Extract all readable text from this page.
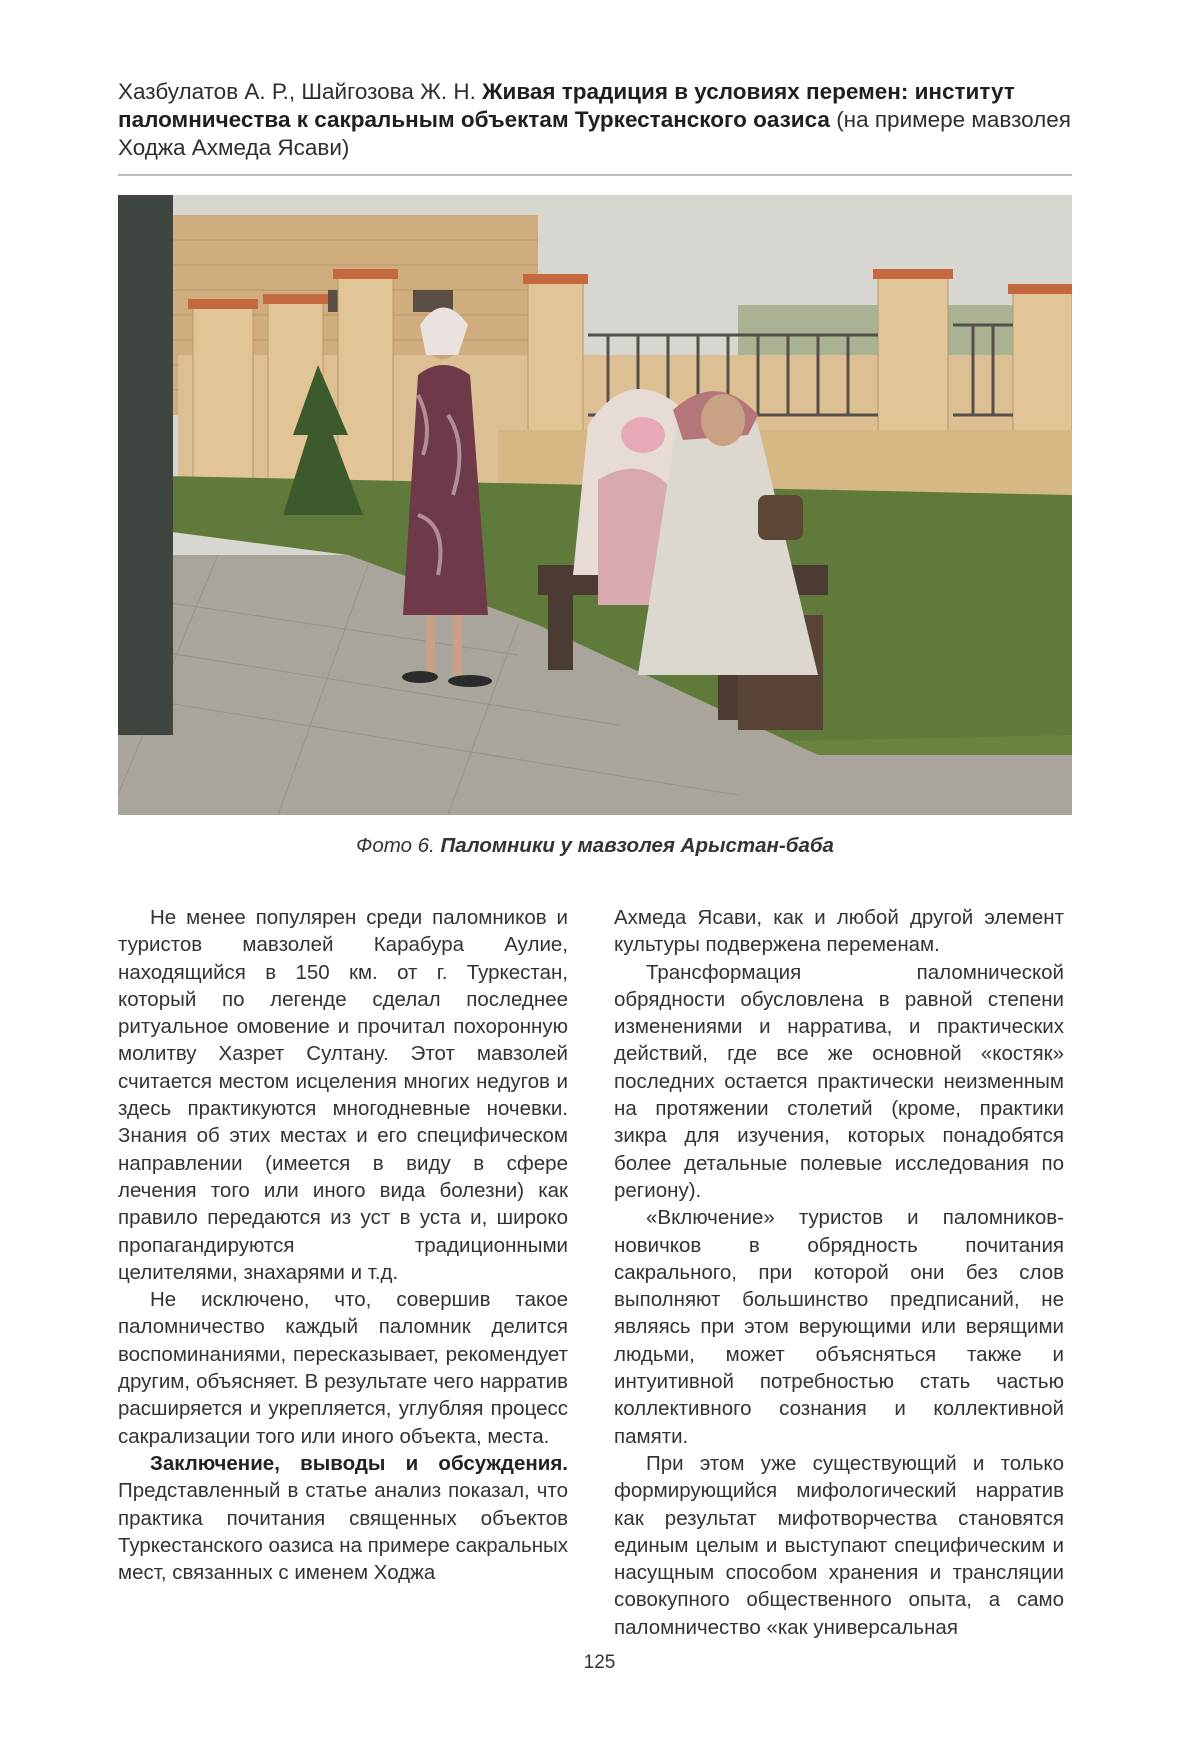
Хазбулатов А. Р., Шайгозова Ж. Н. Живая традиция в условиях перемен: институт паломничества к сакральным объектам Туркестанского оазиса (на примере мавзолея Ходжа Ахмеда Ясави)
Фото 6. Паломники у мавзолея Арыстан-баба

Не менее популярен среди паломников и туристов мавзолей Карабура Аулие, находящийся в 150 км. от г. Туркестан, который по легенде сделал последнее ритуальное омовение и прочитал похоронную молитву Хазрет Султану. Этот мавзолей считается местом исцеления многих недугов и здесь практикуются многодневные ночевки. Знания об этих местах и его специфическом направлении (имеется в виду в сфере лечения того или иного вида болезни) как правило передаются из уст в уста и, широко пропагандируются традиционными целителями, знахарями и т.д.

Не исключено, что, совершив такое паломничество каждый паломник делится воспоминаниями, пересказывает, рекомендует другим, объясняет. В результате чего нарратив расширяется и укрепляется, углубляя процесс сакрализации того или иного объекта, места.

Заключение, выводы и обсуждения. Представленный в статье анализ показал, что практика почитания священных объектов Туркестанского оазиса на примере сакральных мест, связанных с именем Ходжа

Ахмеда Ясави, как и любой другой элемент культуры подвержена переменам.

Трансформация паломнической обрядности обусловлена в равной степени изменениями и нарратива, и практических действий, где все же основной «костяк» последних остается практически неизменным на протяжении столетий (кроме, практики зикра для изучения, которых понадобятся более детальные полевые исследования по региону).

«Включение» туристов и паломников-новичков в обрядность почитания сакрального, при которой они без слов выполняют большинство предписаний, не являясь при этом верующими или верящими людьми, может объясняться также и интуитивной потребностью стать частью коллективного сознания и коллективной памяти.

При этом уже существующий и только формирующийся мифологический нарратив как результат мифотворчества становятся единым целым и выступают специфическим и насущным способом хранения и трансляции совокупного общественного опыта, а само паломничество «как универсальная

125
